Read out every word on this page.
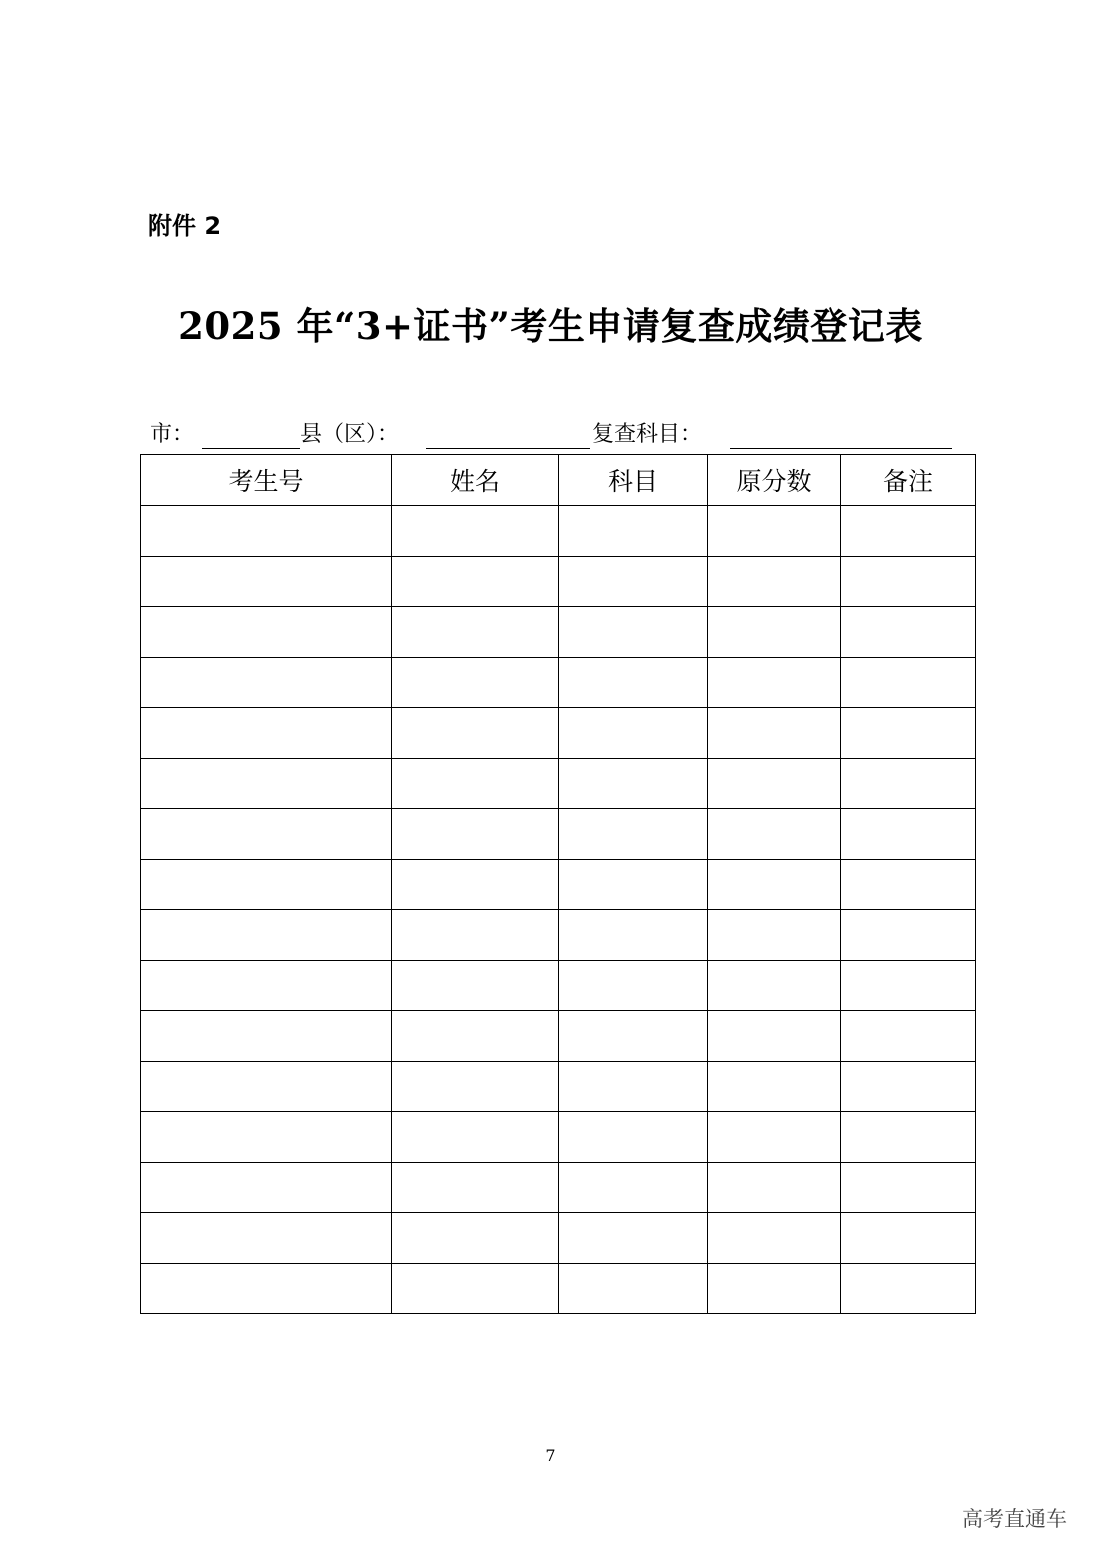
附件 2
2025 年“3+证书”考生申请复查成绩登记表
市：	县（区）：	复查科目：
考生号	姓名	科目	原分数	备注

7
高考直通车
